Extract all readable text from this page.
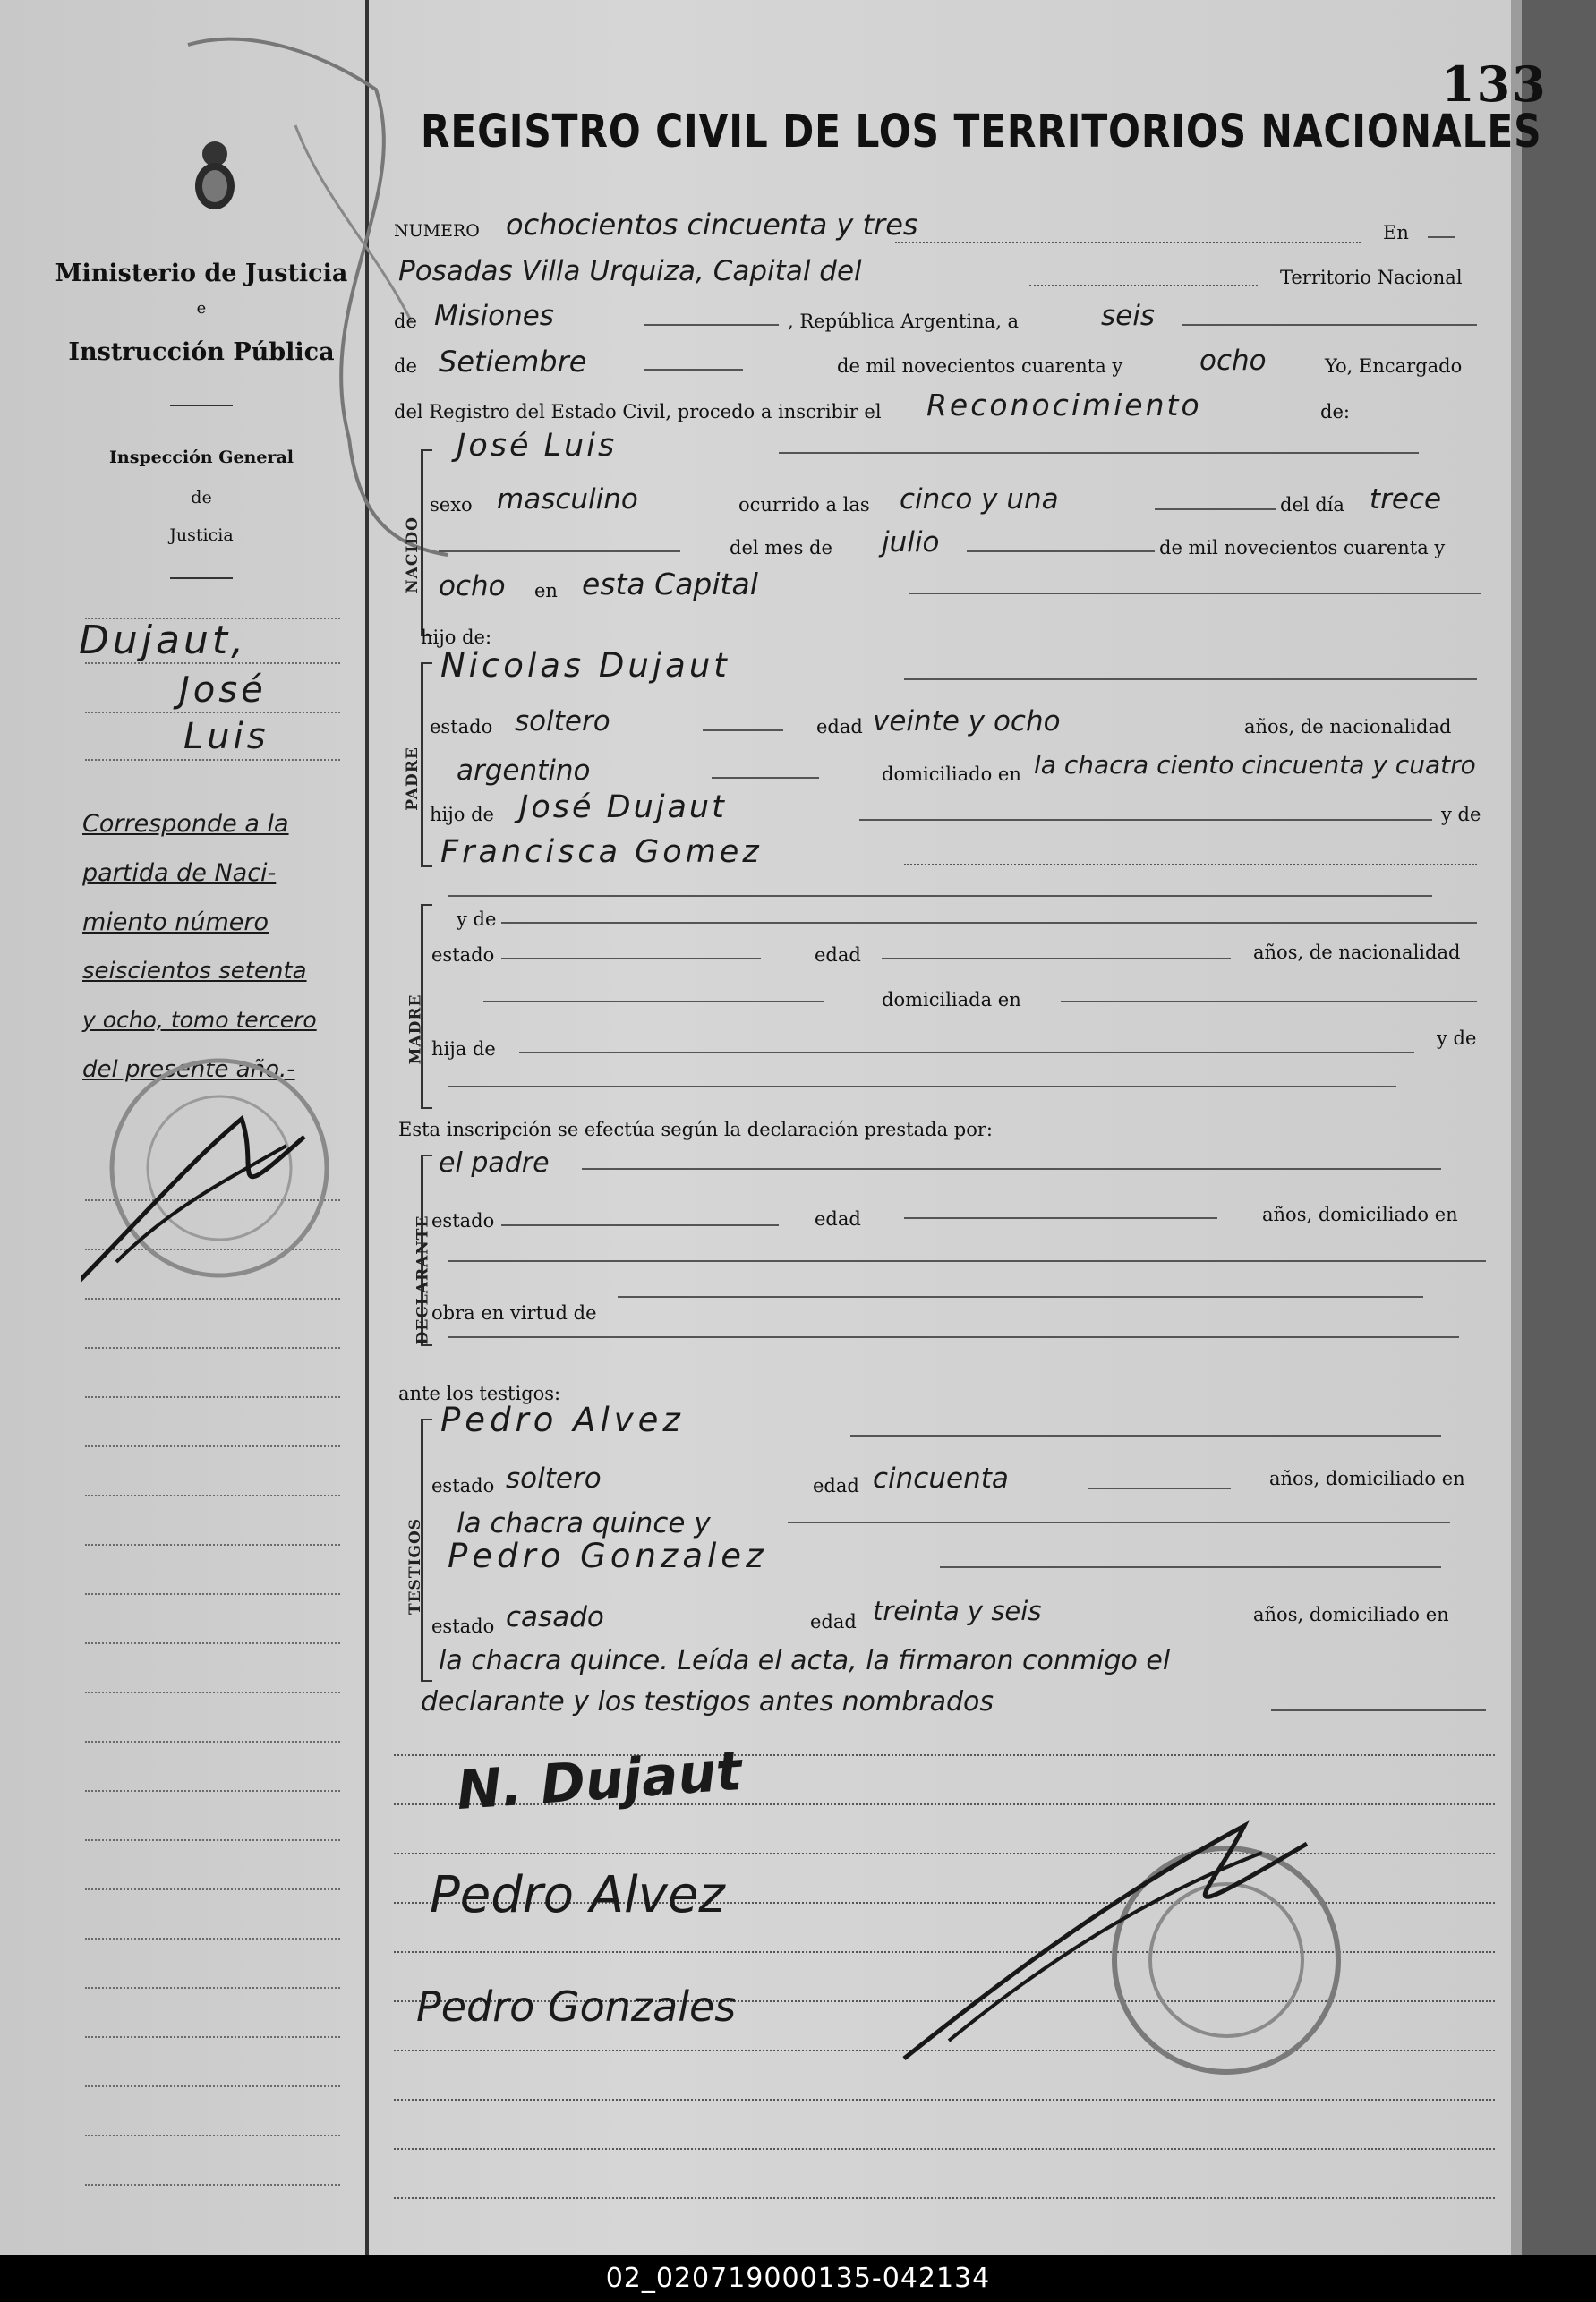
133
Ministerio de Justicia
e
Instrucción Pública
Inspección General
de
Justicia
Dujaut,
José
Luis
Corresponde a la
partida de Naci-
miento número
seiscientos setenta
y ocho, tomo tercero
del presente año.-
REGISTRO CIVIL DE LOS TERRITORIOS NACIONALES
NUMERO ochocientos cincuenta y tres	En
Posadas Villa Urquiza, Capital del	Territorio Nacional
de Misiones	, República Argentina, a	seis
de Setiembre	de mil novecientos cuarenta y	ocho	Yo, Encargado
del Registro del Estado Civil, procedo a inscribir el Reconocimiento	de:
NACIDO
José Luis
sexo masculino	ocurrido a las cinco y una	del día trece
del mes de julio	de mil novecientos cuarenta y
ocho en esta Capital
hijo de:
PADRE
Nicolas Dujaut
estado soltero	edad veinte y ocho	años, de nacionalidad
argentino	domiciliado en la chacra ciento cincuenta y cuatro
hijo de José Dujaut	y de
Francisca Gomez
MADRE
y de
estado	edad	años, de nacionalidad
domiciliada en
hija de	y de
Esta inscripción se efectúa según la declaración prestada por:
DECLARANTE
el padre
estado	edad	años, domiciliado en
obra en virtud de
ante los testigos:
TESTIGOS
Pedro Alvez
estado soltero	edad cincuenta	años, domiciliado en
la chacra quince y
Pedro Gonzalez
estado casado	edad treinta y seis	años, domiciliado en
la chacra quince. Leída el acta, la firmaron conmigo el
declarante y los testigos antes nombrados
N. Dujaut
Pedro Alvez
Pedro Gonzales
02_020719000135-042134
